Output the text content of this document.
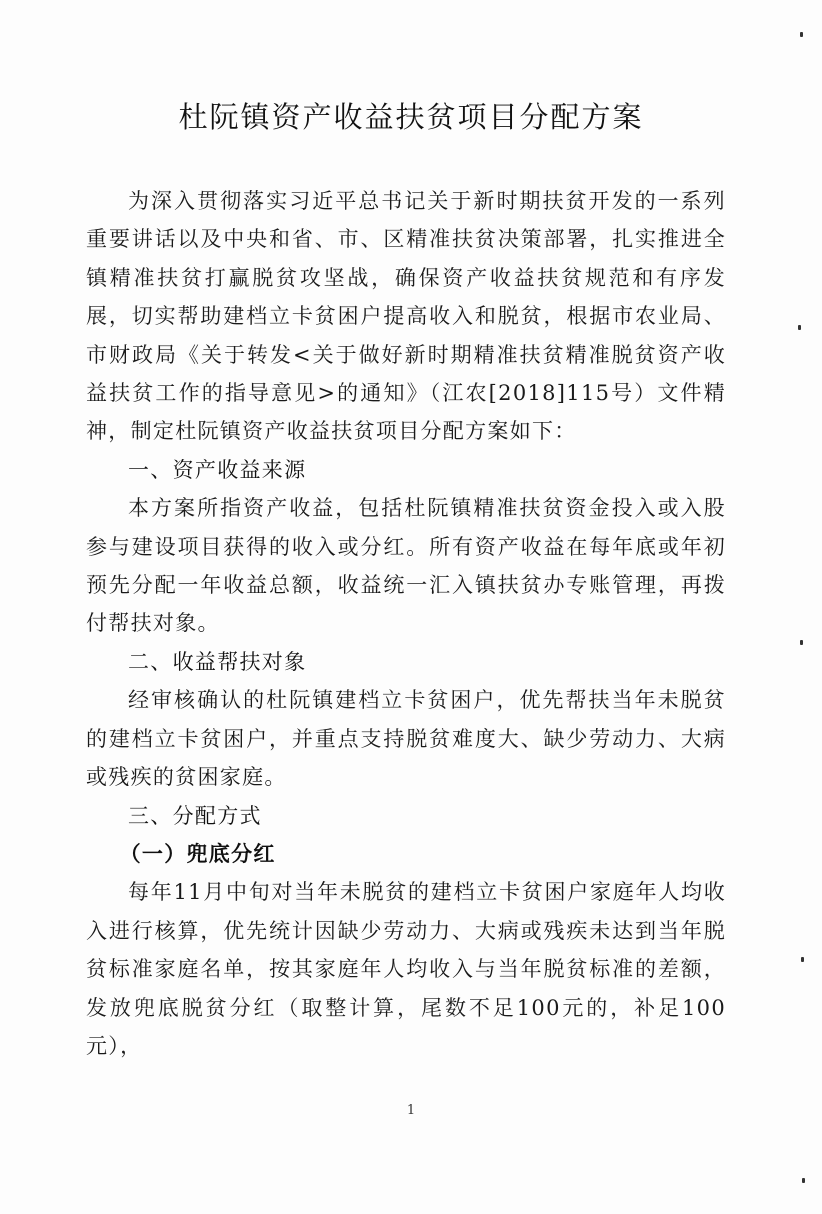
杜阮镇资产收益扶贫项目分配方案

为深入贯彻落实习近平总书记关于新时期扶贫开发的一系列重要讲话以及中央和省、市、区精准扶贫决策部署，扎实推进全镇精准扶贫打赢脱贫攻坚战，确保资产收益扶贫规范和有序发展，切实帮助建档立卡贫困户提高收入和脱贫，根据市农业局、市财政局《关于转发<关于做好新时期精准扶贫精准脱贫资产收益扶贫工作的指导意见>的通知》（江农[2018]115号）文件精神，制定杜阮镇资产收益扶贫项目分配方案如下：

一、资产收益来源

本方案所指资产收益，包括杜阮镇精准扶贫资金投入或入股参与建设项目获得的收入或分红。所有资产收益在每年底或年初预先分配一年收益总额，收益统一汇入镇扶贫办专账管理，再拨付帮扶对象。

二、收益帮扶对象

经审核确认的杜阮镇建档立卡贫困户，优先帮扶当年未脱贫的建档立卡贫困户，并重点支持脱贫难度大、缺少劳动力、大病或残疾的贫困家庭。

三、分配方式

（一）兜底分红

每年11月中旬对当年未脱贫的建档立卡贫困户家庭年人均收入进行核算，优先统计因缺少劳动力、大病或残疾未达到当年脱贫标准家庭名单，按其家庭年人均收入与当年脱贫标准的差额，发放兜底脱贫分红（取整计算，尾数不足100元的，补足100元），

1
